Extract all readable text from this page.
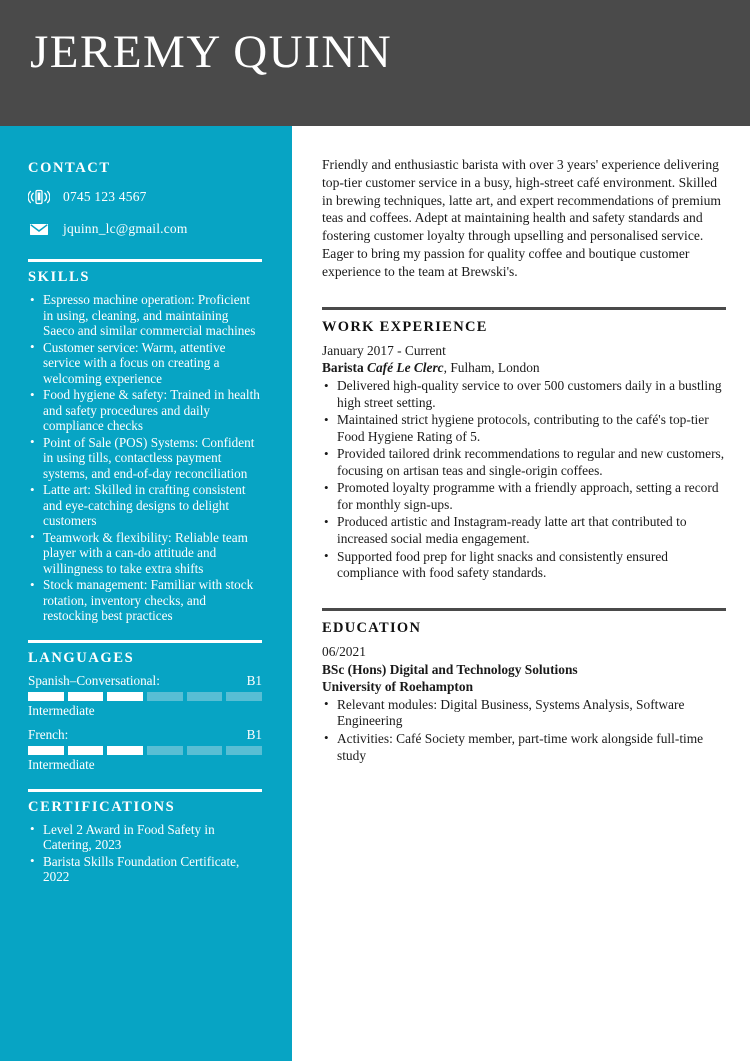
JEREMY QUINN
CONTACT
0745 123 4567
jquinn_lc@gmail.com
SKILLS
• Espresso machine operation: Proficient in using, cleaning, and maintaining Saeco and similar commercial machines
• Customer service: Warm, attentive service with a focus on creating a welcoming experience
• Food hygiene & safety: Trained in health and safety procedures and daily compliance checks
• Point of Sale (POS) Systems: Confident in using tills, contactless payment systems, and end-of-day reconciliation
• Latte art: Skilled in crafting consistent and eye-catching designs to delight customers
• Teamwork & flexibility: Reliable team player with a can-do attitude and willingness to take extra shifts
• Stock management: Familiar with stock rotation, inventory checks, and restocking best practices
LANGUAGES
Spanish–Conversational:	B1
Intermediate
French:	B1
Intermediate
CERTIFICATIONS
• Level 2 Award in Food Safety in Catering, 2023
• Barista Skills Foundation Certificate, 2022

Friendly and enthusiastic barista with over 3 years' experience delivering top-tier customer service in a busy, high-street café environment. Skilled in brewing techniques, latte art, and expert recommendations of premium teas and coffees. Adept at maintaining health and safety standards and fostering customer loyalty through upselling and personalised service. Eager to bring my passion for quality coffee and boutique customer experience to the team at Brewski's.

WORK EXPERIENCE
January 2017 - Current
Barista Café Le Clerc, Fulham, London
• Delivered high-quality service to over 500 customers daily in a bustling high street setting.
• Maintained strict hygiene protocols, contributing to the café's top-tier Food Hygiene Rating of 5.
• Provided tailored drink recommendations to regular and new customers, focusing on artisan teas and single-origin coffees.
• Promoted loyalty programme with a friendly approach, setting a record for monthly sign-ups.
• Produced artistic and Instagram-ready latte art that contributed to increased social media engagement.
• Supported food prep for light snacks and consistently ensured compliance with food safety standards.
EDUCATION
06/2021
BSc (Hons) Digital and Technology Solutions
University of Roehampton
• Relevant modules: Digital Business, Systems Analysis, Software Engineering
• Activities: Café Society member, part-time work alongside full-time study
